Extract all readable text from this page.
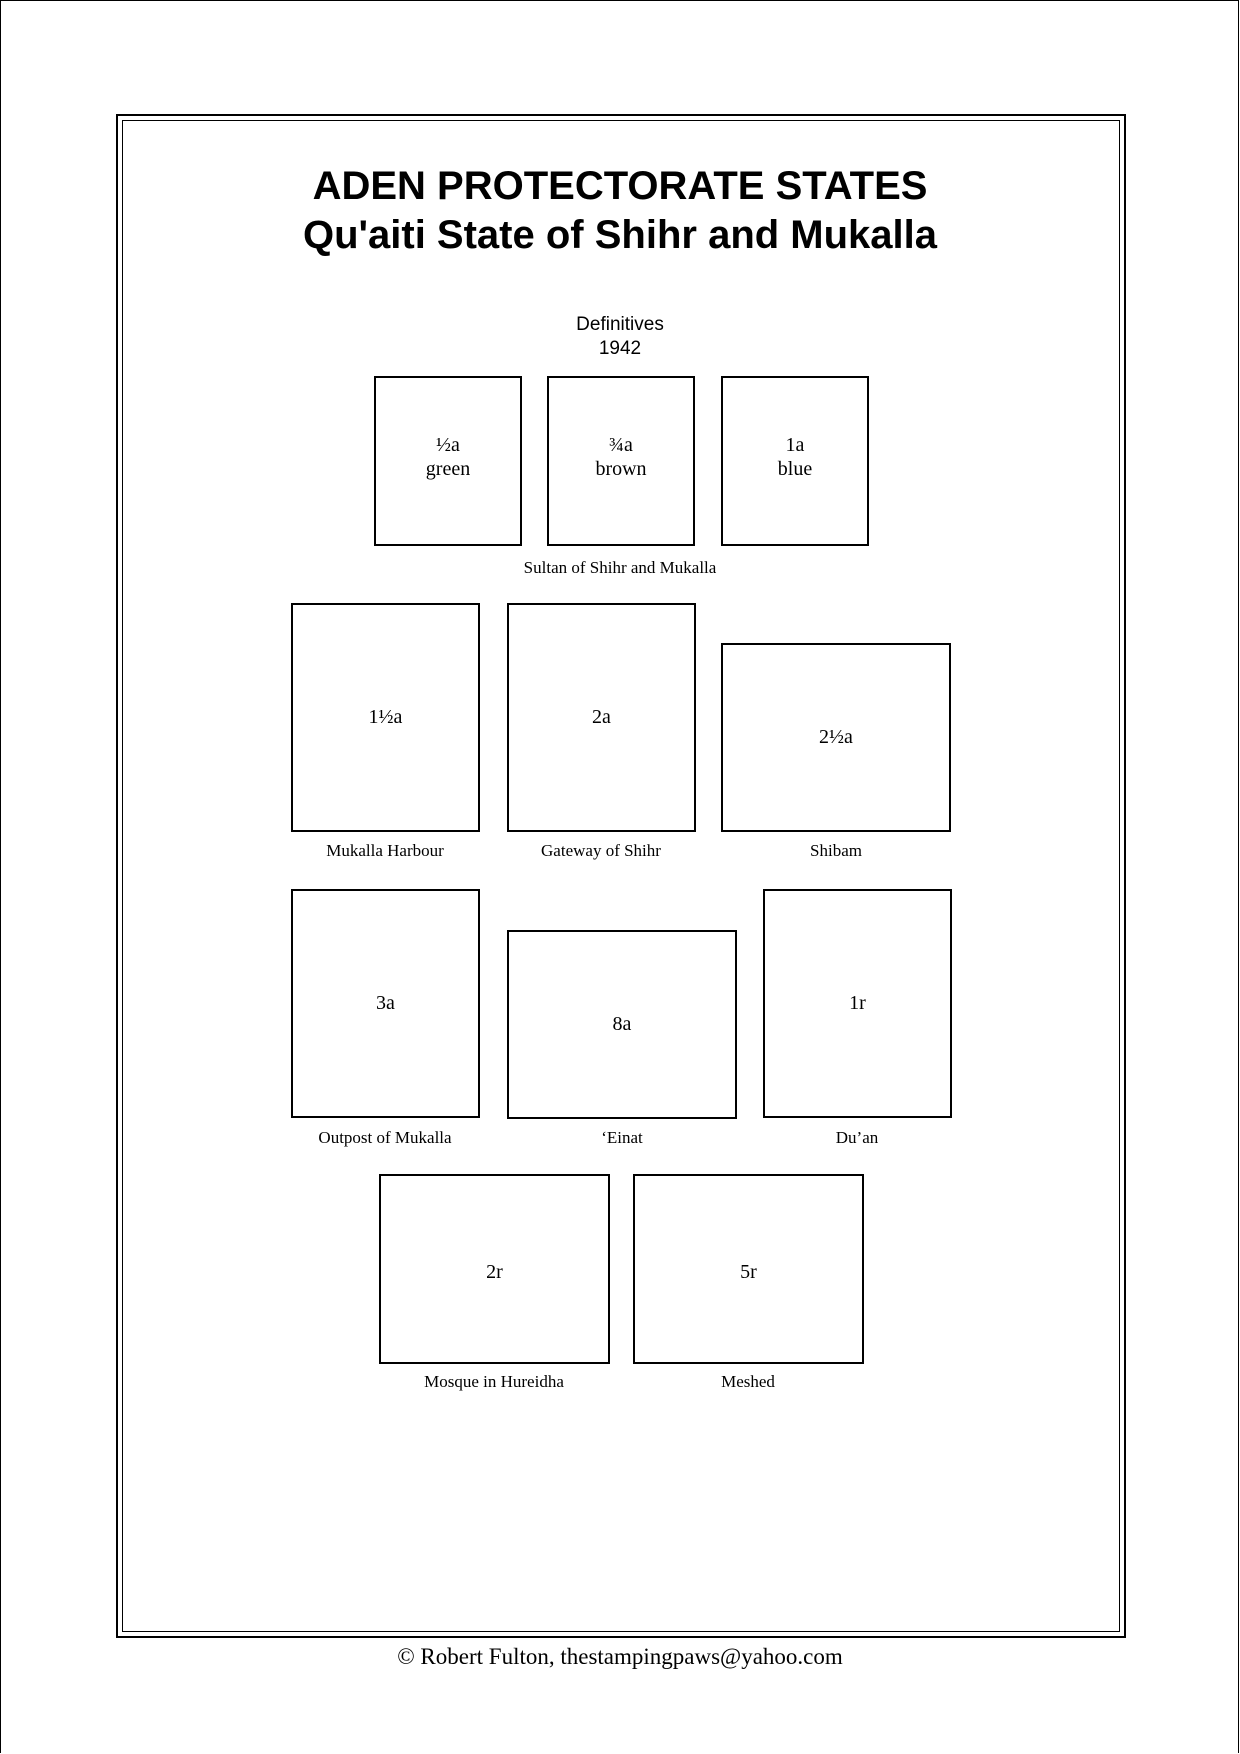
ADEN PROTECTORATE STATES
Qu'aiti State of Shihr and Mukalla
Definitives
1942
½a
green
¾a
brown
1a
blue
Sultan of Shihr and Mukalla
1½a
Mukalla Harbour
2a
Gateway of Shihr
2½a
Shibam
3a
Outpost of Mukalla
8a
‘Einat
1r
Du’an
2r
Mosque in Hureidha
5r
Meshed
© Robert Fulton, thestampingpaws@yahoo.com
